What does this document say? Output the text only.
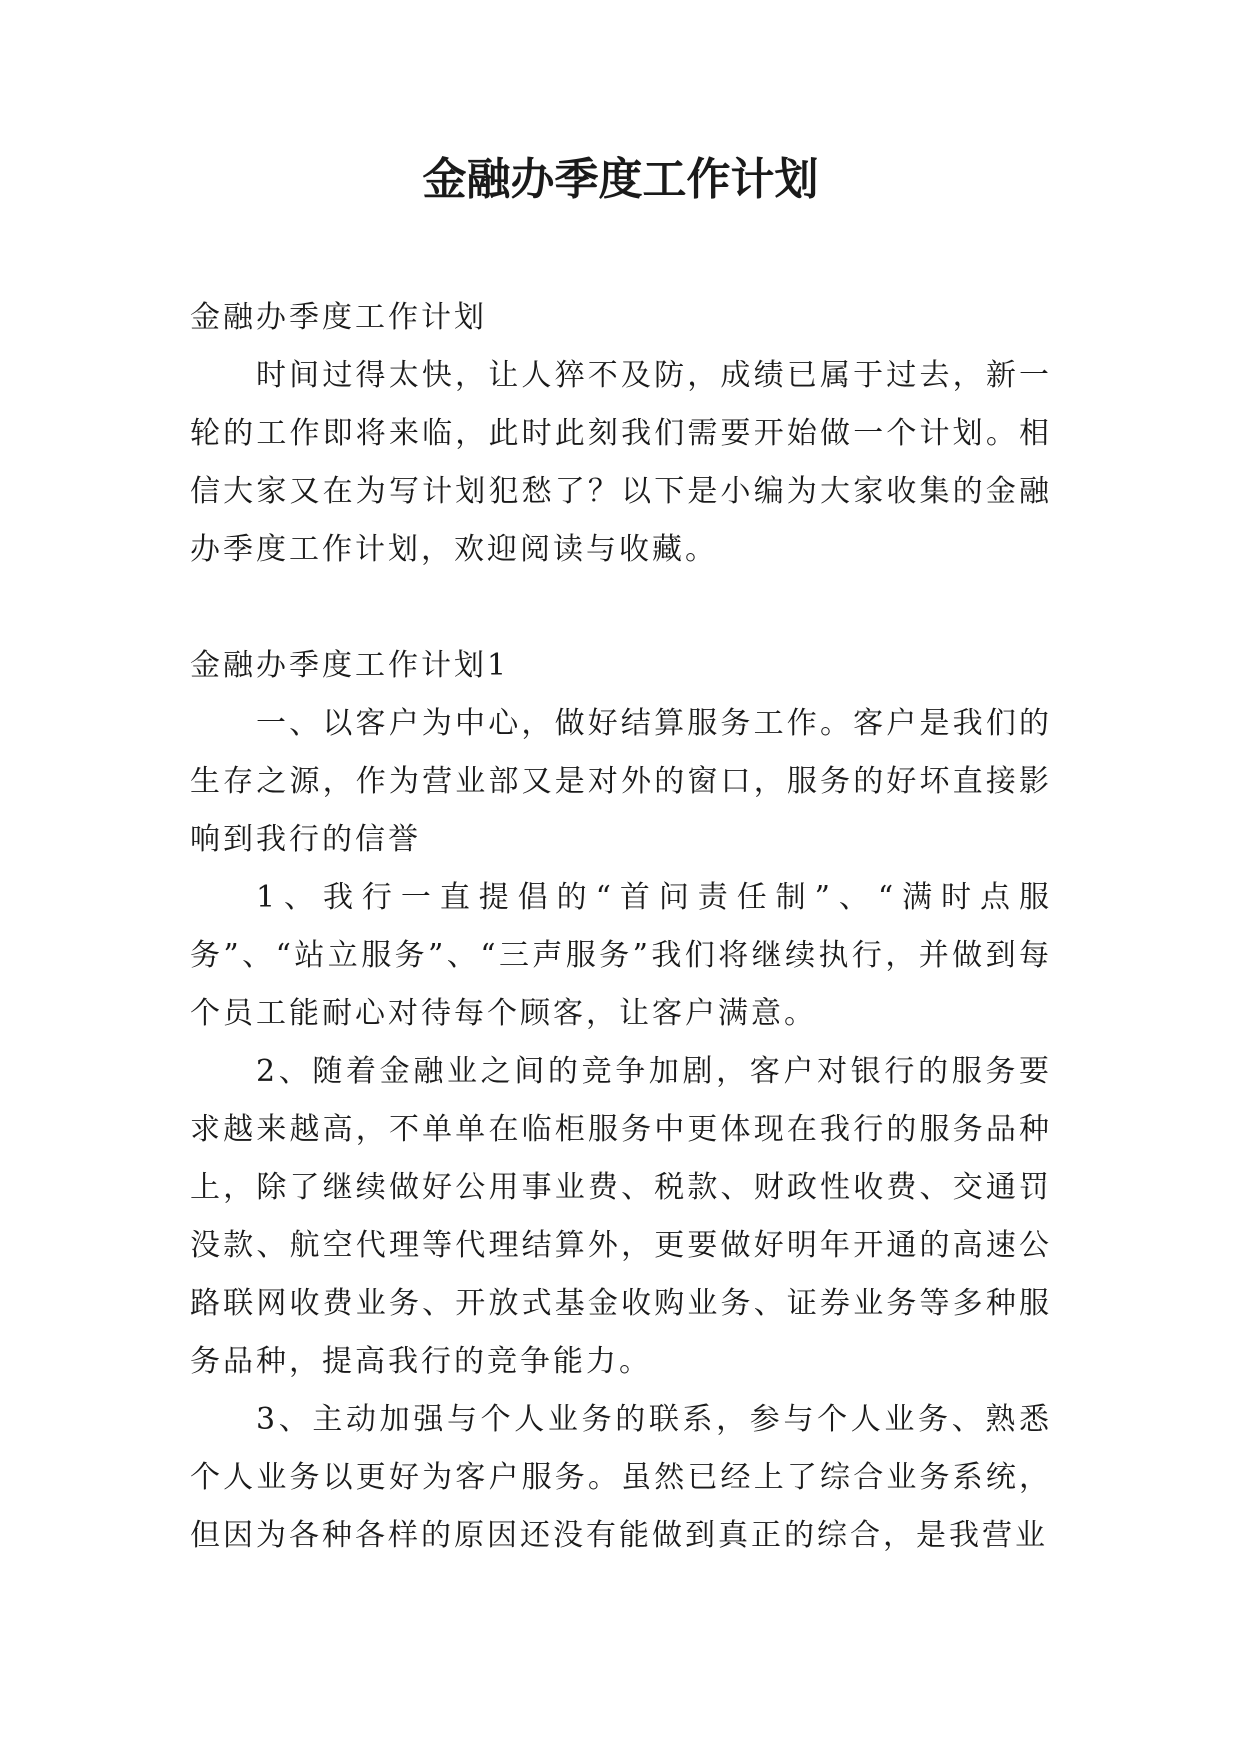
金融办季度工作计划

金融办季度工作计划

时间过得太快，让人猝不及防，成绩已属于过去，新一轮的工作即将来临，此时此刻我们需要开始做一个计划。相信大家又在为写计划犯愁了？以下是小编为大家收集的金融办季度工作计划，欢迎阅读与收藏。

金融办季度工作计划1

一、以客户为中心，做好结算服务工作。客户是我们的生存之源，作为营业部又是对外的窗口，服务的好坏直接影响到我行的信誉

1、我行一直提倡的“首问责任制”、“满时点服务”、“站立服务”、“三声服务”我们将继续执行，并做到每个员工能耐心对待每个顾客，让客户满意。

2、随着金融业之间的竞争加剧，客户对银行的服务要求越来越高，不单单在临柜服务中更体现在我行的服务品种上，除了继续做好公用事业费、税款、财政性收费、交通罚没款、航空代理等代理结算外，更要做好明年开通的高速公路联网收费业务、开放式基金收购业务、证券业务等多种服务品种，提高我行的竞争能力。

3、主动加强与个人业务的联系，参与个人业务、熟悉个人业务以更好为客户服务。虽然已经上了综合业务系统，但因为各种各样的原因还没有能做到真正的综合，是我营业
